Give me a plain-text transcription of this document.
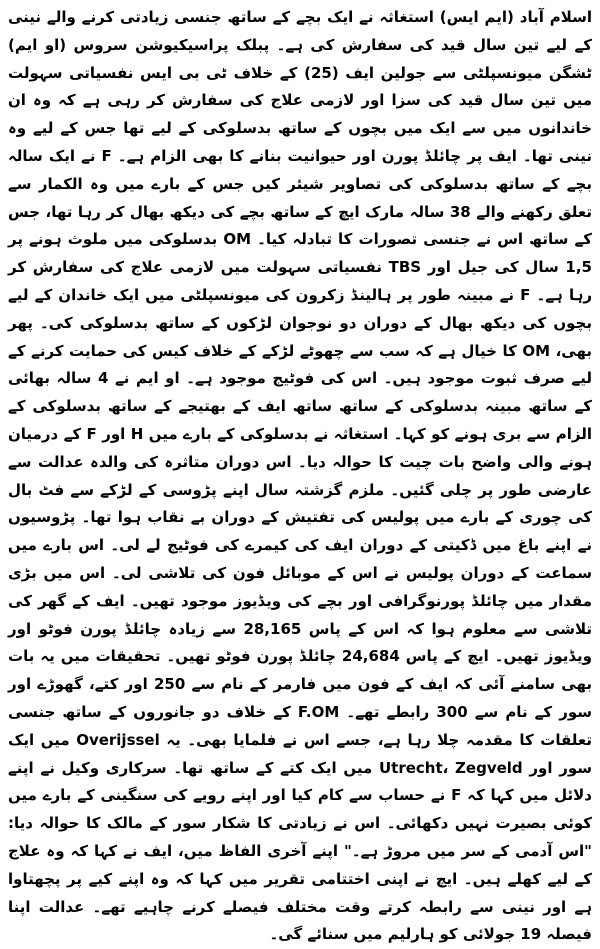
اسلام آباد (ایم ایس) استغاثہ نے ایک بچے کے ساتھ جنسی زیادتی کرنے والے نینی کے لیے تین سال قید کی سفارش کی ہے۔ پبلک پراسیکیوشن سروس (او ایم) ٹشگن میونسپلٹی سے جولین ایف (25) کے خلاف ٹی بی ایس نفسیاتی سہولت میں تین سال قید کی سزا اور لازمی علاج کی سفارش کر رہی ہے کہ وہ ان خاندانوں میں سے ایک میں بچوں کے ساتھ بدسلوکی کے لیے تھا جس کے لیے وہ نینی تھا۔ ایف پر چائلڈ پورن اور حیوانیت بنانے کا بھی الزام ہے۔ F نے ایک سالہ بچے کے ساتھ بدسلوکی کی تصاویر شیئر کیں جس کے بارے میں وہ الکمار سے تعلق رکھنے والے 38 سالہ مارک ایچ کے ساتھ بچے کی دیکھ بھال کر رہا تھا، جس کے ساتھ اس نے جنسی تصورات کا تبادلہ کیا۔ OM بدسلوکی میں ملوث ہونے پر 1,5 سال کی جیل اور TBS نفسیاتی سہولت میں لازمی علاج کی سفارش کر رہا ہے۔ F نے مبینہ طور پر ہالینڈ زکرون کی میونسپلٹی میں ایک خاندان کے لیے بچوں کی دیکھ بھال کے دوران دو نوجوان لڑکوں کے ساتھ بدسلوکی کی۔ پھر بھی، OM کا خیال ہے کہ سب سے چھوٹے لڑکے کے خلاف کیس کی حمایت کرنے کے لیے صرف ثبوت موجود ہیں۔ اس کی فوٹیج موجود ہے۔ او ایم نے 4 سالہ بھائی کے ساتھ مبینہ بدسلوکی کے ساتھ ساتھ ایف کے بھتیجے کے ساتھ بدسلوکی کے الزام سے بری ہونے کو کہا۔ استغاثہ نے بدسلوکی کے بارے میں H اور F کے درمیان ہونے والی واضح بات چیت کا حوالہ دیا۔ اس دوران متاثرہ کی والدہ عدالت سے عارضی طور پر چلی گئیں۔ ملزم گزشتہ سال اپنے پڑوسی کے لڑکے سے فٹ بال کی چوری کے بارے میں پولیس کی تفتیش کے دوران بے نقاب ہوا تھا۔ پڑوسیوں نے اپنے باغ میں ڈکیتی کے دوران ایف کی کیمرے کی فوٹیج لے لی۔ اس بارے میں سماعت کے دوران پولیس نے اس کے موبائل فون کی تلاشی لی۔ اس میں بڑی مقدار میں چائلڈ پورنوگرافی اور بچے کی ویڈیوز موجود تھیں۔ ایف کے گھر کی تلاشی سے معلوم ہوا کہ اس کے پاس 28,165 سے زیادہ چائلڈ پورن فوٹو اور ویڈیوز تھیں۔ ایچ کے پاس 24,684 چائلڈ پورن فوٹو تھیں۔ تحقیقات میں یہ بات بھی سامنے آئی کہ ایف کے فون میں فارمر کے نام سے 250 اور کتے، گھوڑے اور سور کے نام سے 300 رابطے تھے۔ F.OM کے خلاف دو جانوروں کے ساتھ جنسی تعلقات کا مقدمہ چلا رہا ہے، جسے اس نے فلمایا بھی۔ یہ Overijssel میں ایک سور اور Utrecht، Zegveld میں ایک کتے کے ساتھ تھا۔ سرکاری وکیل نے اپنے دلائل میں کہا کہ F نے حساب سے کام کیا اور اپنے رویے کی سنگینی کے بارے میں کوئی بصیرت نہیں دکھائی۔ اس نے زیادتی کا شکار سور کے مالک کا حوالہ دیا: "اس آدمی کے سر میں مروڑ ہے۔" اپنے آخری الفاظ میں، ایف نے کہا کہ وہ علاج کے لیے کھلے ہیں۔ ایچ نے اپنی اختتامی تقریر میں کہا کہ وہ اپنے کیے پر پچھتاوا ہے اور نینی سے رابطہ کرتے وقت مختلف فیصلے کرنے چاہیے تھے۔ عدالت اپنا فیصلہ 19 جولائی کو ہارلیم میں سنائے گی۔
